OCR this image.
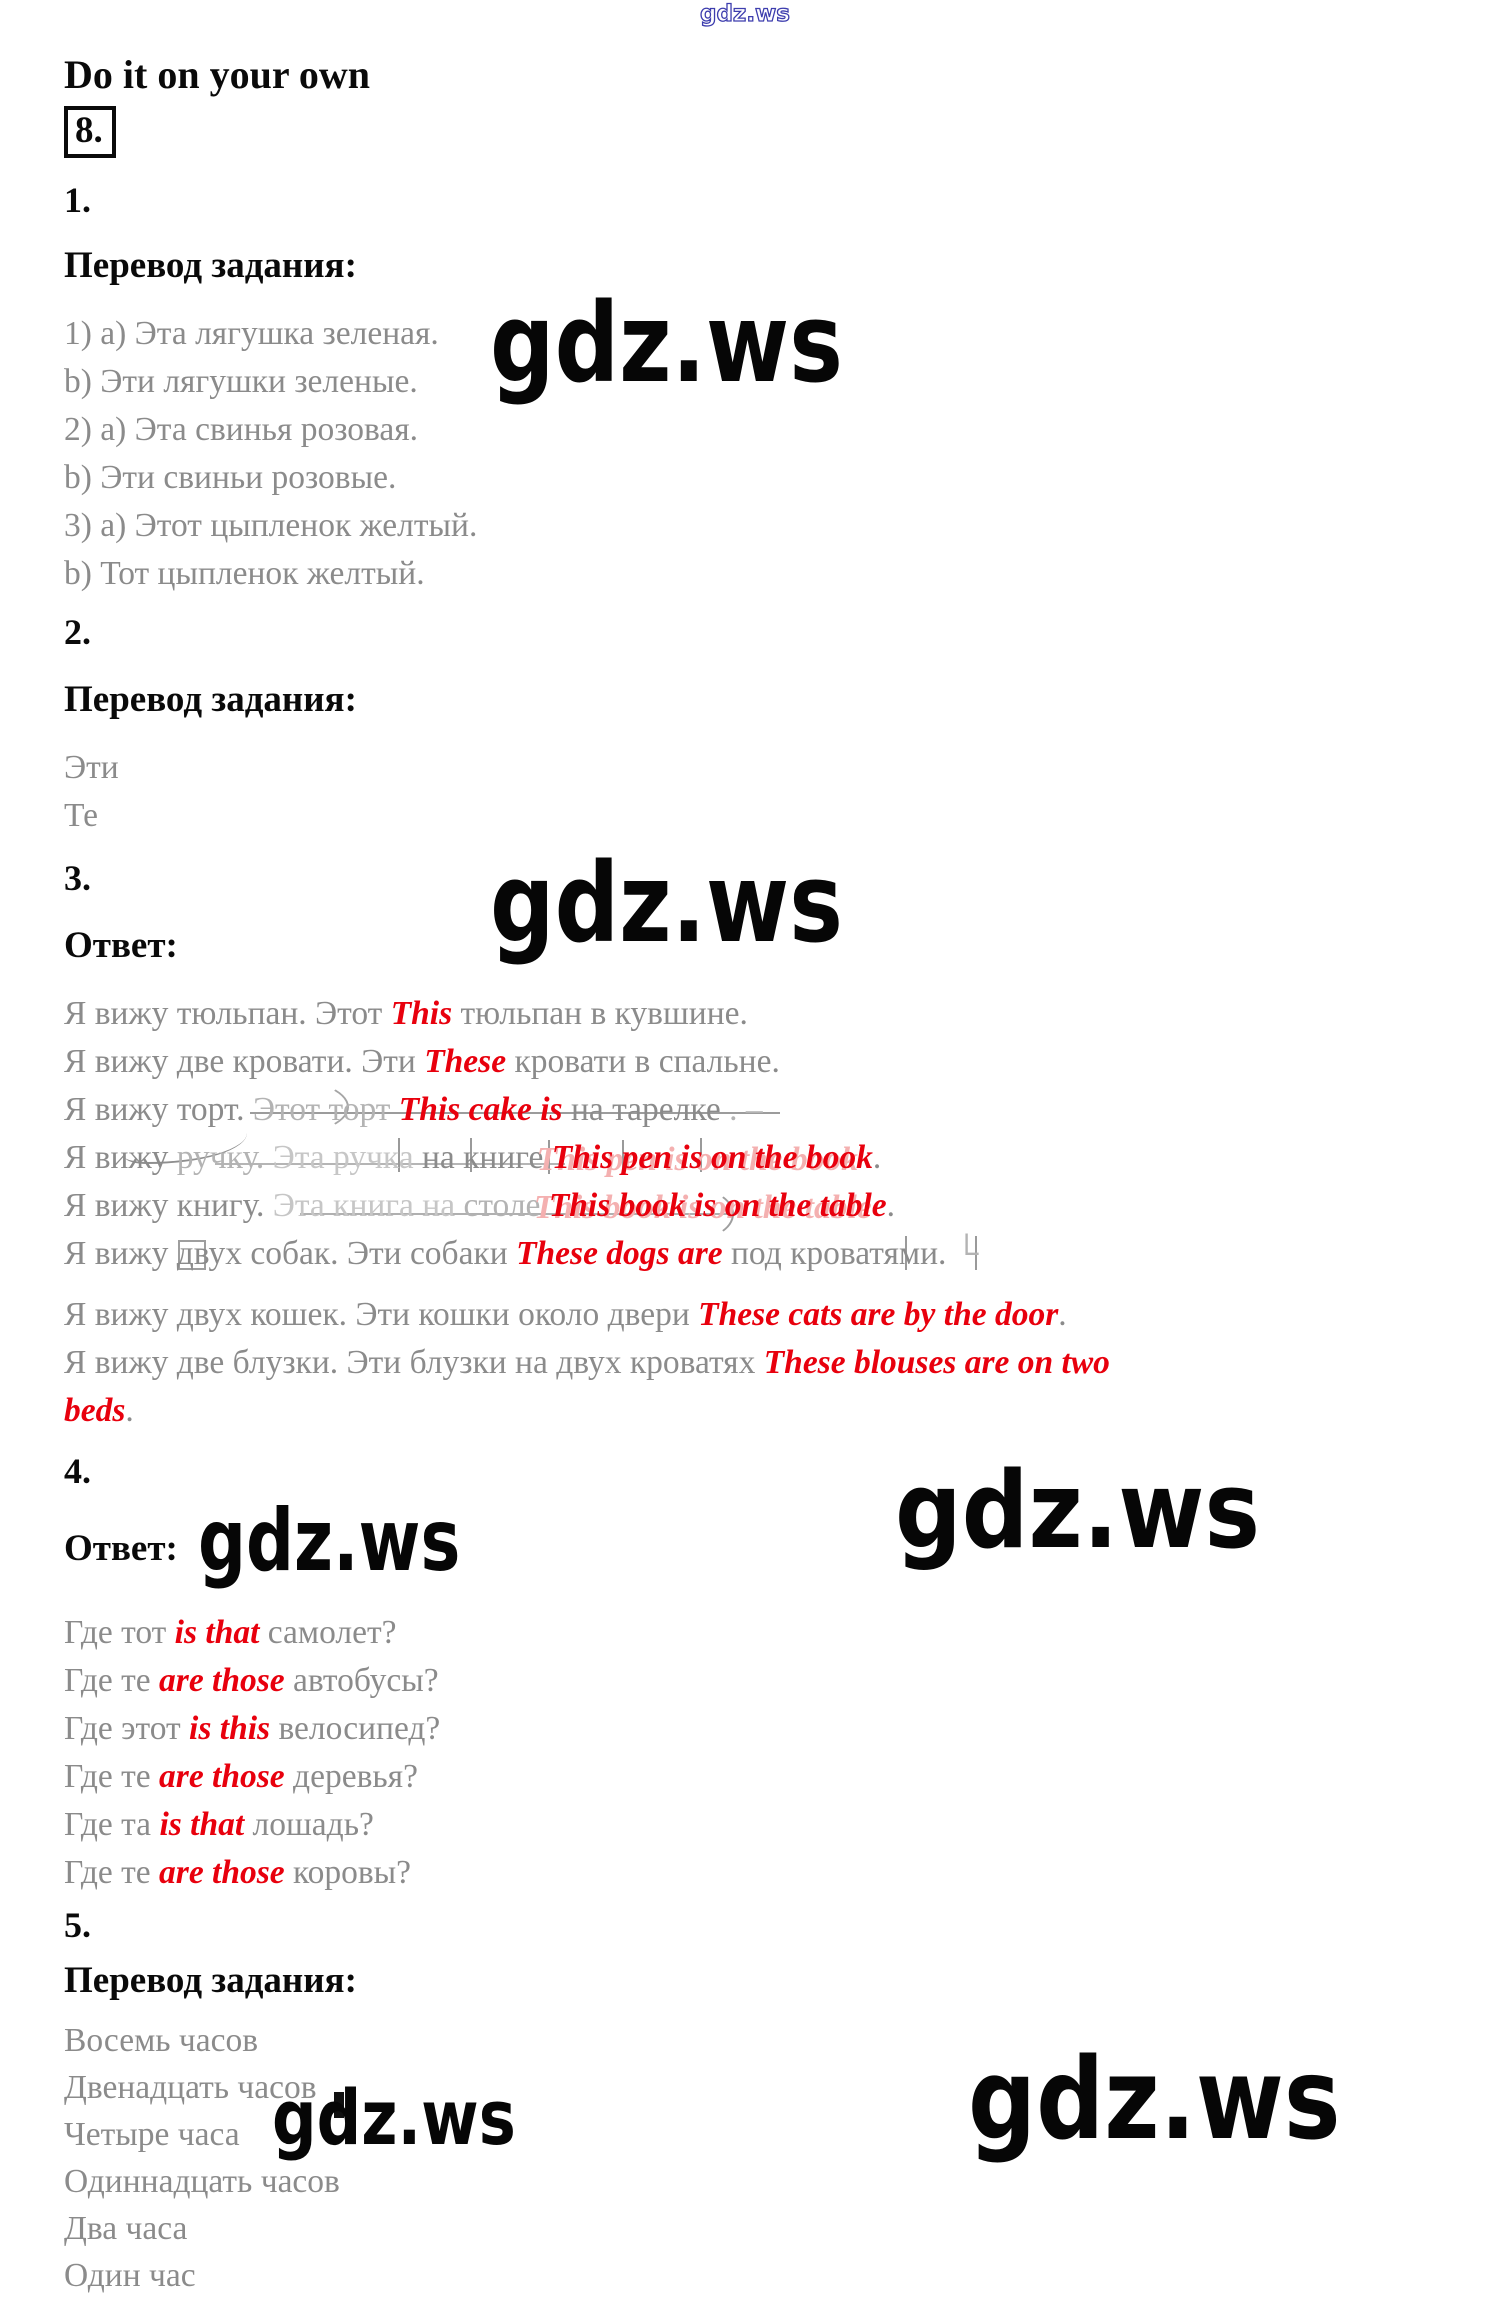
gdz.ws
gdz.ws
gdz.ws
gdz.ws	gdz.ws
gdz.ws	gdz.ws
Do it on your own
8.

1.

Перевод задания:

1) a) Эта лягушка зеленая.

b) Эти лягушки зеленые.

2) a) Эта свинья розовая.

b) Эти свиньи розовые.

3) a) Этот цыпленок желтый.

b) Тот цыпленок желтый.

2.

Перевод задания:

Эти

Те

3.

Ответ:

Я вижу тюльпан. Этот This тюльпан в кувшине.

Я вижу две кровати. Эти These кровати в спальне.

Я вижу торт. Этот торт This cake is на тарелке . –

Я вижу ручку. Эта ручка на книге This pen is on the book.

Я вижу книгу. Эта книга на столе This book is on the table.

Я вижу двух собак. Эти собаки These dogs are под кроватями. └

Я вижу двух кошек. Эти кошки около двери These cats are by the door.

Я вижу две блузки. Эти блузки на двух кроватях These blouses are on two

beds.

4.

Ответ:

Где тот is that самолет?

Где те are those автобусы?

Где этот is this велосипед?

Где те are those деревья?

Где та is that лошадь?

Где те are those коровы?

5.

Перевод задания:

Восемь часов

Двенадцать часов

Четыре часа

Одиннадцать часов

Два часа

Один час
